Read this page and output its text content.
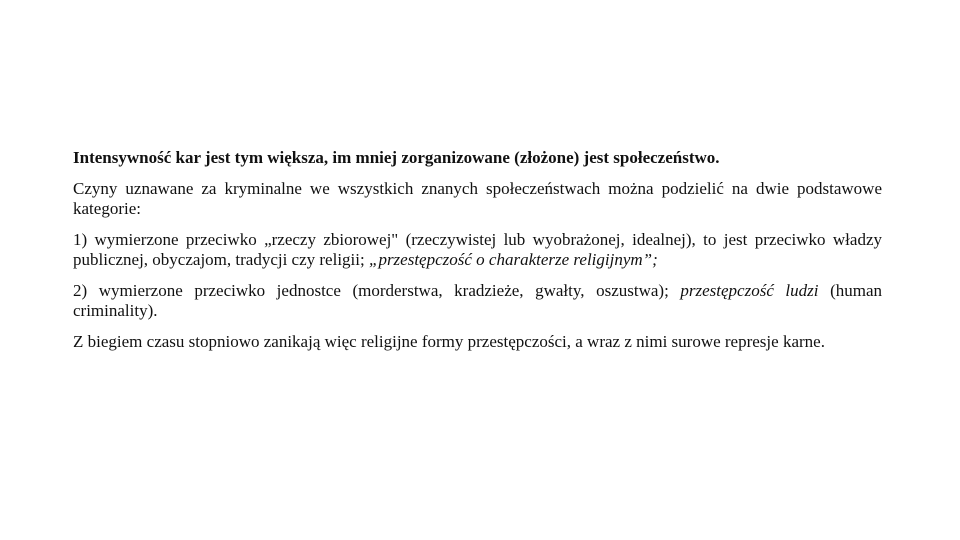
Intensywność kar jest tym większa, im mniej zorganizowane (złożone) jest społeczeństwo.

Czyny uznawane za kryminalne we wszystkich znanych społeczeństwach można podzielić na dwie podstawowe kategorie:

1) wymierzone przeciwko „rzeczy zbiorowej" (rzeczywistej lub wyobrażonej, idealnej), to jest przeciwko władzy publicznej, obyczajom, tradycji czy religii; „przestępczość o charakterze religijnym”;

2) wymierzone przeciwko jednostce (morderstwa, kradzieże, gwałty, oszustwa); przestępczość ludzi (human criminality).

Z biegiem czasu stopniowo zanikają więc religijne formy przestępczości, a wraz z nimi surowe represje karne.
